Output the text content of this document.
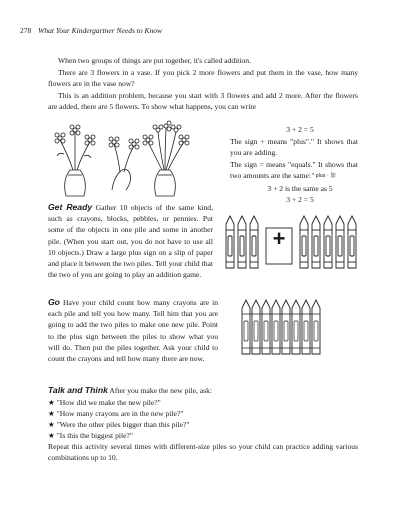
278 What Your Kindergartner Needs to Know

When two groups of things are put together, it's called addition.

There are 3 flowers in a vase. If you pick 2 more flowers and put them in the vase, how many flowers are in the vase now?

This is an addition problem, because you start with 3 flowers and add 2 more. After the flowers are added, there are 5 flowers. To show what happens, you can write

3 + 2 = 5

The sign + means "plus"." It shows that you are adding.

The sign = means "equals." It shows that two amounts are the same: * plus · 加
3 + 2 is the same as 5
3 + 2 = 5

Get Ready Gather 10 objects of the same kind, such as crayons, blocks, pebbles, or pennies. Put some of the objects in one pile and some in another pile. (When you start out, you do not have to use all 10 objects.) Draw a large plus sign on a slip of paper and place it between the two piles. Tell your child that the two of you are going to play an addition game.

+

Go Have your child count how many crayons are in each pile and tell you how many. Tell him that you are going to add the two piles to make one new pile. Point to the plus sign between the piles to show what you will do. Then put the piles together. Ask your child to count the crayons and tell how many there are now.

Talk and Think After you make the new pile, ask:

★ "How did we make the new pile?"
★ "How many crayons are in the new pile?"
★ "Were the other piles bigger than this pile?"
★ "Is this the biggest pile?"

Repeat this activity several times with different-size piles so your child can practice adding various combinations up to 10.
